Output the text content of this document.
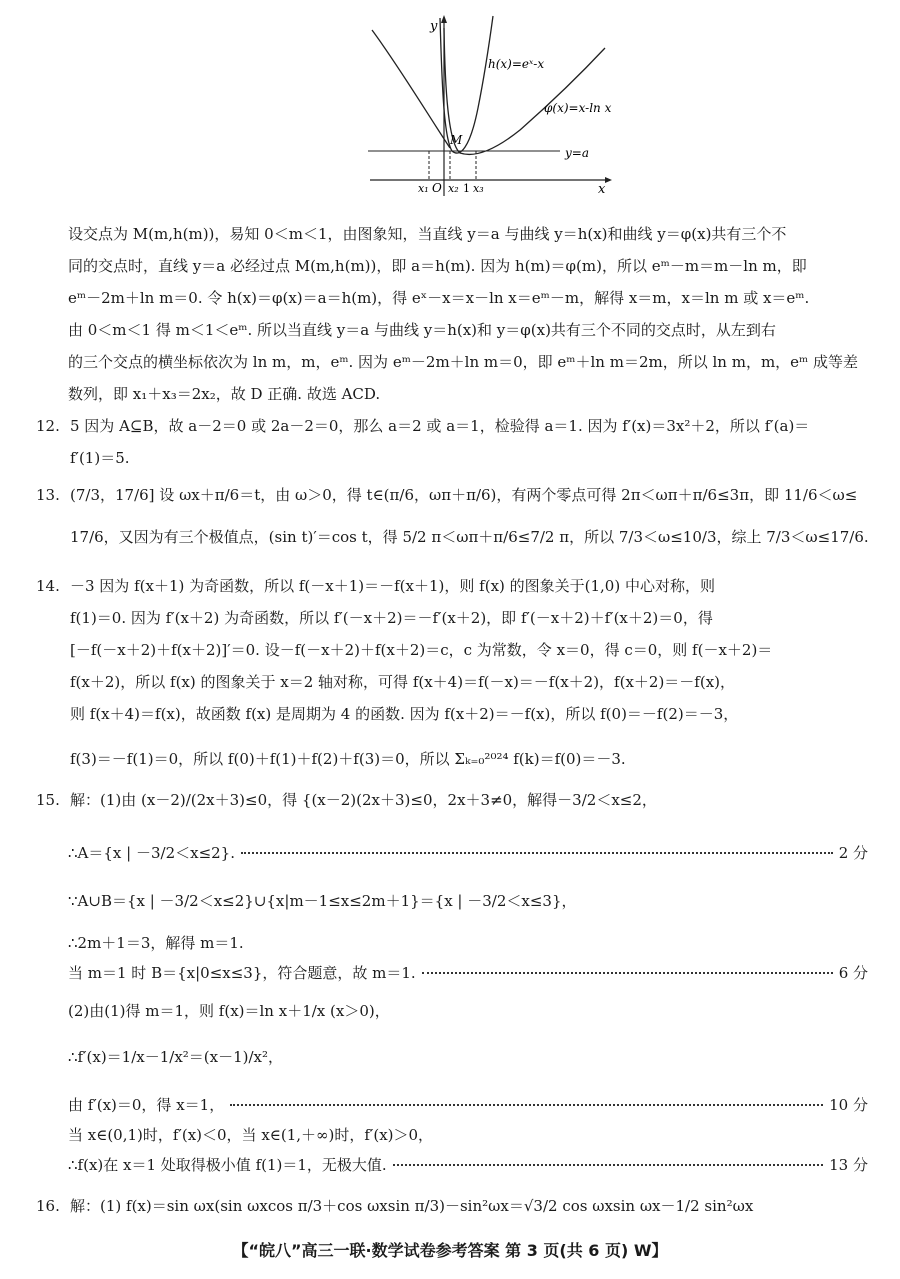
y
x
h(x)=eˣ-x
φ(x)=x-ln x
M
y=a
x₁ O x₂ 1 x₃
设交点为 M(m,h(m))，易知 0＜m＜1，由图象知，当直线 y＝a 与曲线 y＝h(x)和曲线 y＝φ(x)共有三个不
同的交点时，直线 y＝a 必经过点 M(m,h(m))，即 a＝h(m). 因为 h(m)＝φ(m)，所以 eᵐ－m＝m－ln m，即
eᵐ－2m＋ln m＝0. 令 h(x)＝φ(x)＝a＝h(m)，得 eˣ－x＝x－ln x＝eᵐ－m，解得 x＝m，x＝ln m 或 x＝eᵐ.
由 0＜m＜1 得 m＜1＜eᵐ. 所以当直线 y＝a 与曲线 y＝h(x)和 y＝φ(x)共有三个不同的交点时，从左到右
的三个交点的横坐标依次为 ln m，m，eᵐ. 因为 eᵐ－2m＋ln m＝0，即 eᵐ＋ln m＝2m，所以 ln m，m，eᵐ 成等差
数列，即 x₁＋x₃＝2x₂，故 D 正确. 故选 ACD.
12. 5 因为 A⊆B，故 a－2＝0 或 2a－2＝0，那么 a＝2 或 a＝1，检验得 a＝1. 因为 f′(x)＝3x²＋2，所以 f′(a)＝
f′(1)＝5.
13. (7/3，17/6] 设 ωx＋π/6＝t，由 ω＞0，得 t∈(π/6，ωπ＋π/6)，有两个零点可得 2π＜ωπ＋π/6≤3π，即 11/6＜ω≤
17/6，又因为有三个极值点，(sin t)′＝cos t，得 5/2 π＜ωπ＋π/6≤7/2 π，所以 7/3＜ω≤10/3，综上 7/3＜ω≤17/6.
14. －3 因为 f(x＋1) 为奇函数，所以 f(－x＋1)＝－f(x＋1)，则 f(x) 的图象关于(1,0) 中心对称，则
f(1)＝0. 因为 f′(x＋2) 为奇函数，所以 f′(－x＋2)＝－f′(x＋2)，即 f′(－x＋2)＋f′(x＋2)＝0，得
[－f(－x＋2)＋f(x＋2)]′＝0. 设－f(－x＋2)＋f(x＋2)＝c，c 为常数，令 x＝0，得 c＝0，则 f(－x＋2)＝
f(x＋2)，所以 f(x) 的图象关于 x＝2 轴对称，可得 f(x＋4)＝f(－x)＝－f(x＋2)，f(x＋2)＝－f(x)，
则 f(x＋4)＝f(x)，故函数 f(x) 是周期为 4 的函数. 因为 f(x＋2)＝－f(x)，所以 f(0)＝－f(2)＝－3，
f(3)＝－f(1)＝0，所以 f(0)＋f(1)＋f(2)＋f(3)＝0，所以 Σₖ₌₀²⁰²⁴ f(k)＝f(0)＝－3.
15. 解：(1)由 (x－2)/(2x＋3)≤0，得 {(x－2)(2x＋3)≤0，2x＋3≠0，解得－3/2＜x≤2，
∴A＝{x | －3/2＜x≤2}.	2 分
∵A∪B＝{x | －3/2＜x≤2}∪{x|m－1≤x≤2m＋1}＝{x | －3/2＜x≤3}，
∴2m＋1＝3，解得 m＝1.
当 m＝1 时 B＝{x|0≤x≤3}，符合题意，故 m＝1.	6 分
(2)由(1)得 m＝1，则 f(x)＝ln x＋1/x (x＞0)，
∴f′(x)＝1/x－1/x²＝(x－1)/x²，
由 f′(x)＝0，得 x＝1，	10 分
当 x∈(0,1)时，f′(x)＜0，当 x∈(1,＋∞)时，f′(x)＞0，
∴f(x)在 x＝1 处取得极小值 f(1)＝1，无极大值.	13 分
16. 解：(1) f(x)＝sin ωx(sin ωxcos π/3＋cos ωxsin π/3)－sin²ωx＝√3/2 cos ωxsin ωx－1/2 sin²ωx
【“皖八”高三一联·数学试卷参考答案 第 3 页(共 6 页) W】
